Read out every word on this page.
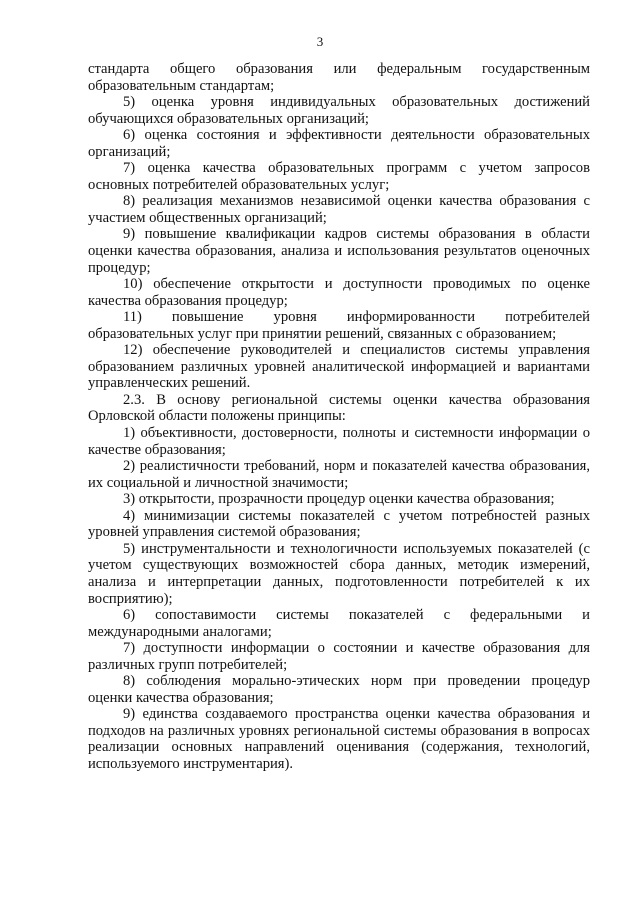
3

стандарта общего образования или федеральным государственным образовательным стандартам;

5) оценка уровня индивидуальных образовательных достижений обучающихся образовательных организаций;

6) оценка состояния и эффективности деятельности образовательных организаций;

7) оценка качества образовательных программ с учетом запросов основных потребителей образовательных услуг;

8) реализация механизмов независимой оценки качества образования с участием общественных организаций;

9) повышение квалификации кадров системы образования в области оценки качества образования, анализа и использования результатов оценочных процедур;

10) обеспечение открытости и доступности проводимых по оценке качества образования процедур;

11) повышение уровня информированности потребителей образовательных услуг при принятии решений, связанных с образованием;

12) обеспечение руководителей и специалистов системы управления образованием различных уровней аналитической информацией и вариантами управленческих решений.

2.3. В основу региональной системы оценки качества образования Орловской области положены принципы:

1) объективности, достоверности, полноты и системности информации о качестве образования;

2) реалистичности требований, норм и показателей качества образования, их социальной и личностной значимости;

3) открытости, прозрачности процедур оценки качества образования;

4) минимизации системы показателей с учетом потребностей разных уровней управления системой образования;

5) инструментальности и технологичности используемых показателей (с учетом существующих возможностей сбора данных, методик измерений, анализа и интерпретации данных, подготовленности потребителей к их восприятию);

6) сопоставимости системы показателей с федеральными и международными аналогами;

7) доступности информации о состоянии и качестве образования для различных групп потребителей;

8) соблюдения морально-этических норм при проведении процедур оценки качества образования;

9) единства создаваемого пространства оценки качества образования и подходов на различных уровнях региональной системы образования в вопросах реализации основных направлений оценивания (содержания, технологий, используемого инструментария).
